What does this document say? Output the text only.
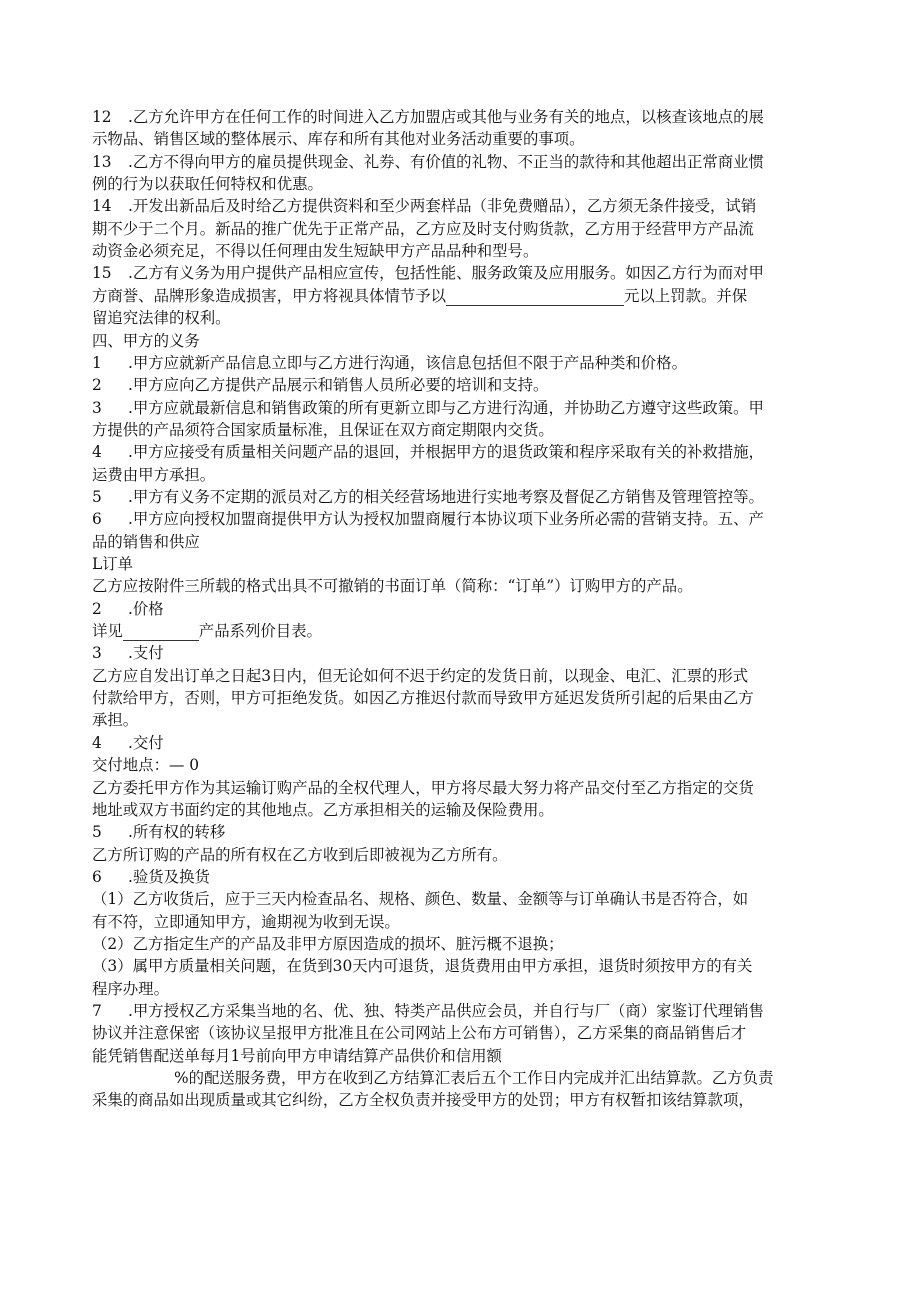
12 .乙方允许甲方在任何工作的时间进入乙方加盟店或其他与业务有关的地点，以核查该地点的展

示物品、销售区域的整体展示、库存和所有其他对业务活动重要的事项。

13 .乙方不得向甲方的雇员提供现金、礼券、有价值的礼物、不正当的款待和其他超出正常商业惯

例的行为以获取任何特权和优惠。

14 .开发出新品后及时给乙方提供资料和至少两套样品（非免费赠品），乙方须无条件接受，试销

期不少于二个月。新品的推广优先于正常产品，乙方应及时支付购货款，乙方用于经营甲方产品流

动资金必须充足，不得以任何理由发生短缺甲方产品品种和型号。

15 .乙方有义务为用户提供产品相应宣传，包括性能、服务政策及应用服务。如因乙方行为而对甲

方商誉、品牌形象造成损害，甲方将视具体情节予以	元以上罚款。并保

留追究法律的权利。

四、甲方的义务

1 .甲方应就新产品信息立即与乙方进行沟通，该信息包括但不限于产品种类和价格。

2 .甲方应向乙方提供产品展示和销售人员所必要的培训和支持。

3 .甲方应就最新信息和销售政策的所有更新立即与乙方进行沟通，并协助乙方遵守这些政策。甲

方提供的产品须符合国家质量标准，且保证在双方商定期限内交货。

4 .甲方应接受有质量相关问题产品的退回，并根据甲方的退货政策和程序采取有关的补救措施，

运费由甲方承担。

5 .甲方有义务不定期的派员对乙方的相关经营场地进行实地考察及督促乙方销售及管理管控等。

6 .甲方应向授权加盟商提供甲方认为授权加盟商履行本协议项下业务所必需的营销支持。五、产

品的销售和供应

L订单

乙方应按附件三所载的格式出具不可撤销的书面订单（简称：“订单”）订购甲方的产品。

2 .价格

详见	产品系列价目表。

3 .支付

乙方应自发出订单之日起3日内，但无论如何不迟于约定的发货日前，以现金、电汇、汇票的形式

付款给甲方，否则，甲方可拒绝发货。如因乙方推迟付款而导致甲方延迟发货所引起的后果由乙方

承担。

4 .交付

交付地点：— 0

乙方委托甲方作为其运输订购产品的全权代理人，甲方将尽最大努力将产品交付至乙方指定的交货

地址或双方书面约定的其他地点。乙方承担相关的运输及保险费用。

5 .所有权的转移

乙方所订购的产品的所有权在乙方收到后即被视为乙方所有。

6 .验货及换货

（1）乙方收货后，应于三天内检查品名、规格、颜色、数量、金额等与订单确认书是否符合，如

有不符，立即通知甲方，逾期视为收到无误。

（2）乙方指定生产的产品及非甲方原因造成的损坏、脏污概不退换；

（3）属甲方质量相关问题，在货到30天内可退货，退货费用由甲方承担，退货时须按甲方的有关

程序办理。

7 .甲方授权乙方采集当地的名、优、独、特类产品供应会员，并自行与厂（商）家鉴订代理销售

协议并注意保密（该协议呈报甲方批准且在公司网站上公布方可销售），乙方采集的商品销售后才

能凭销售配送单每月1号前向甲方申请结算产品供价和信用额

%的配送服务费，甲方在收到乙方结算汇表后五个工作日内完成并汇出结算款。乙方负责

采集的商品如出现质量或其它纠纷，乙方全权负责并接受甲方的处罚；甲方有权暂扣该结算款项，
